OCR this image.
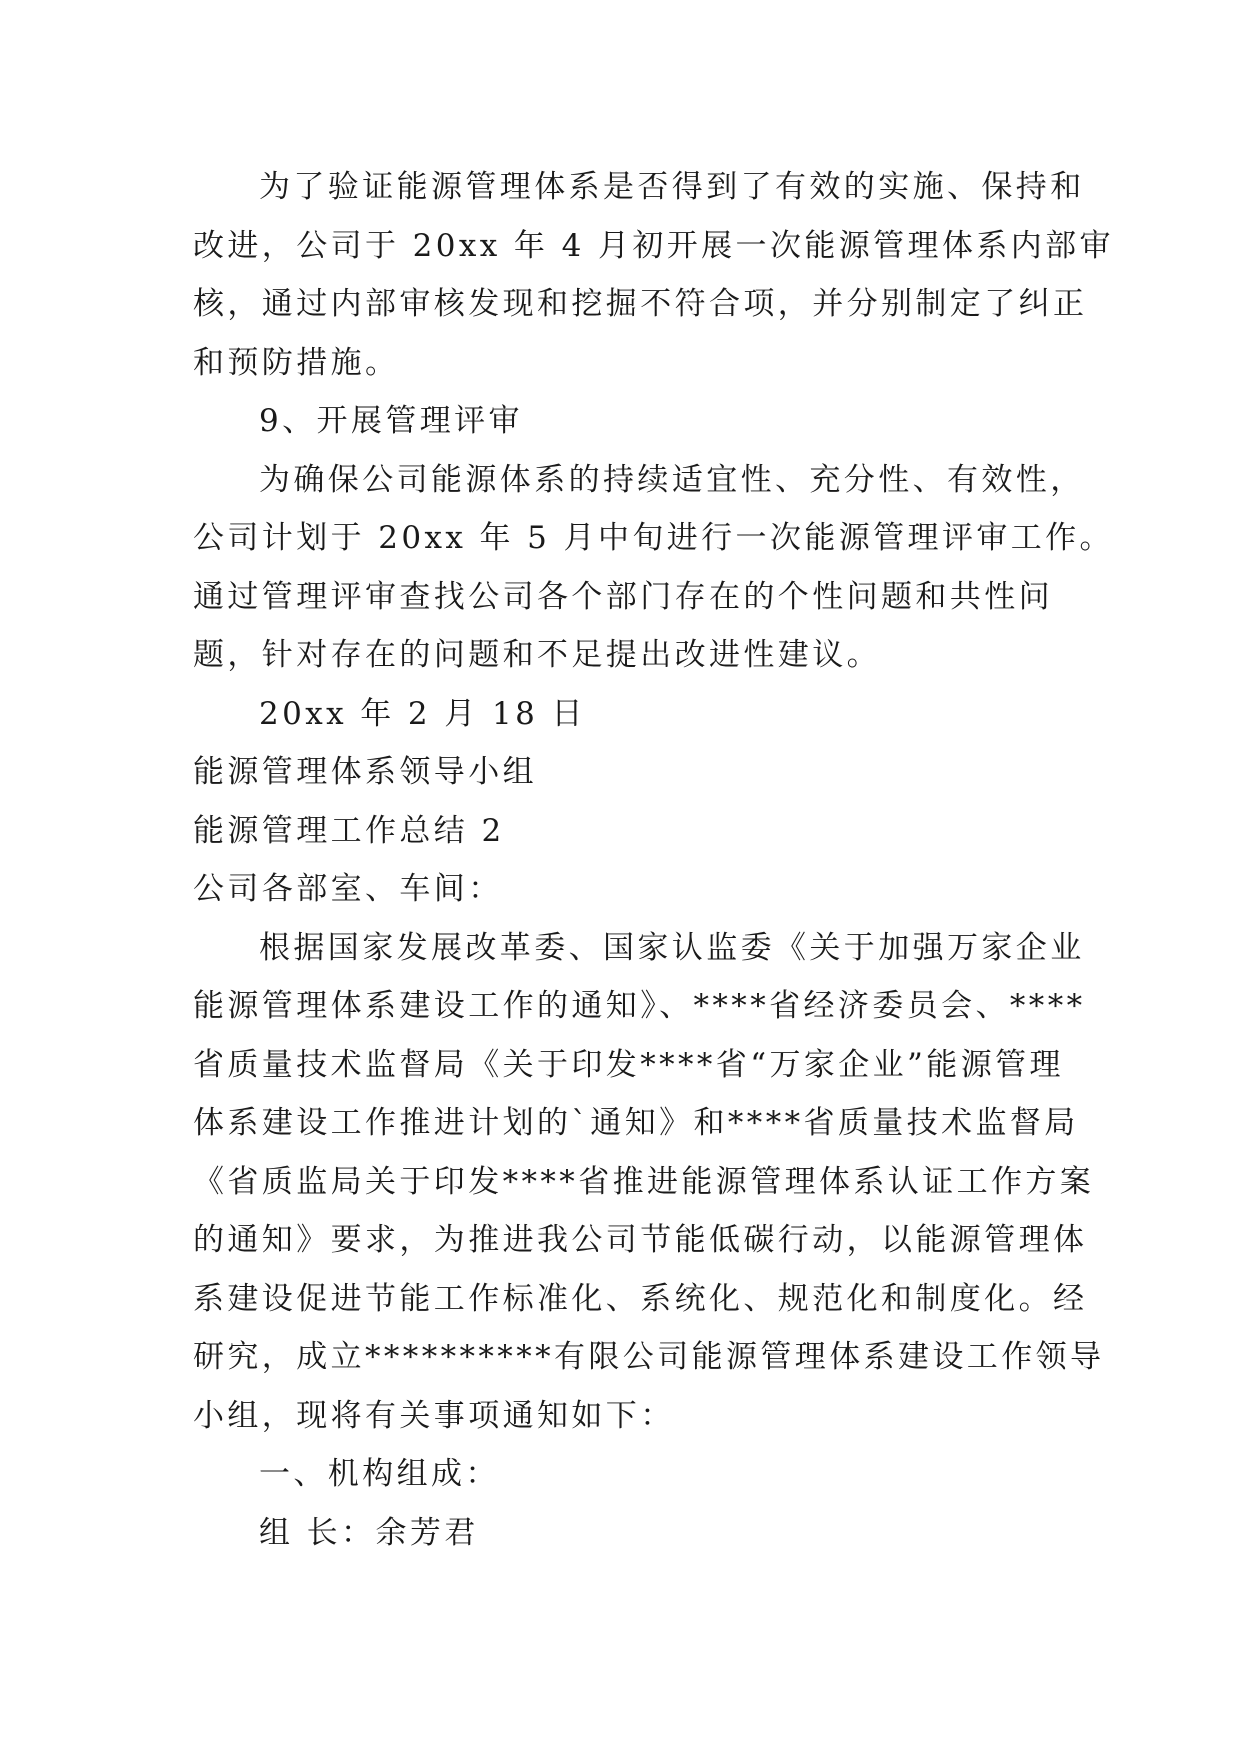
为了验证能源管理体系是否得到了有效的实施、保持和
改进，公司于 20xx 年 4 月初开展一次能源管理体系内部审
核，通过内部审核发现和挖掘不符合项，并分别制定了纠正
和预防措施。
9、开展管理评审
为确保公司能源体系的持续适宜性、充分性、有效性，
公司计划于 20xx 年 5 月中旬进行一次能源管理评审工作。
通过管理评审查找公司各个部门存在的个性问题和共性问
题，针对存在的问题和不足提出改进性建议。
20xx 年 2 月 18 日
能源管理体系领导小组
能源管理工作总结 2
公司各部室、车间：
根据国家发展改革委、国家认监委《关于加强万家企业
能源管理体系建设工作的通知》、****省经济委员会、****
省质量技术监督局《关于印发****省“万家企业”能源管理
体系建设工作推进计划的`通知》和****省质量技术监督局
《省质监局关于印发****省推进能源管理体系认证工作方案
的通知》要求，为推进我公司节能低碳行动，以能源管理体
系建设促进节能工作标准化、系统化、规范化和制度化。经
研究，成立**********有限公司能源管理体系建设工作领导
小组，现将有关事项通知如下：
一、机构组成：
组 长：余芳君
